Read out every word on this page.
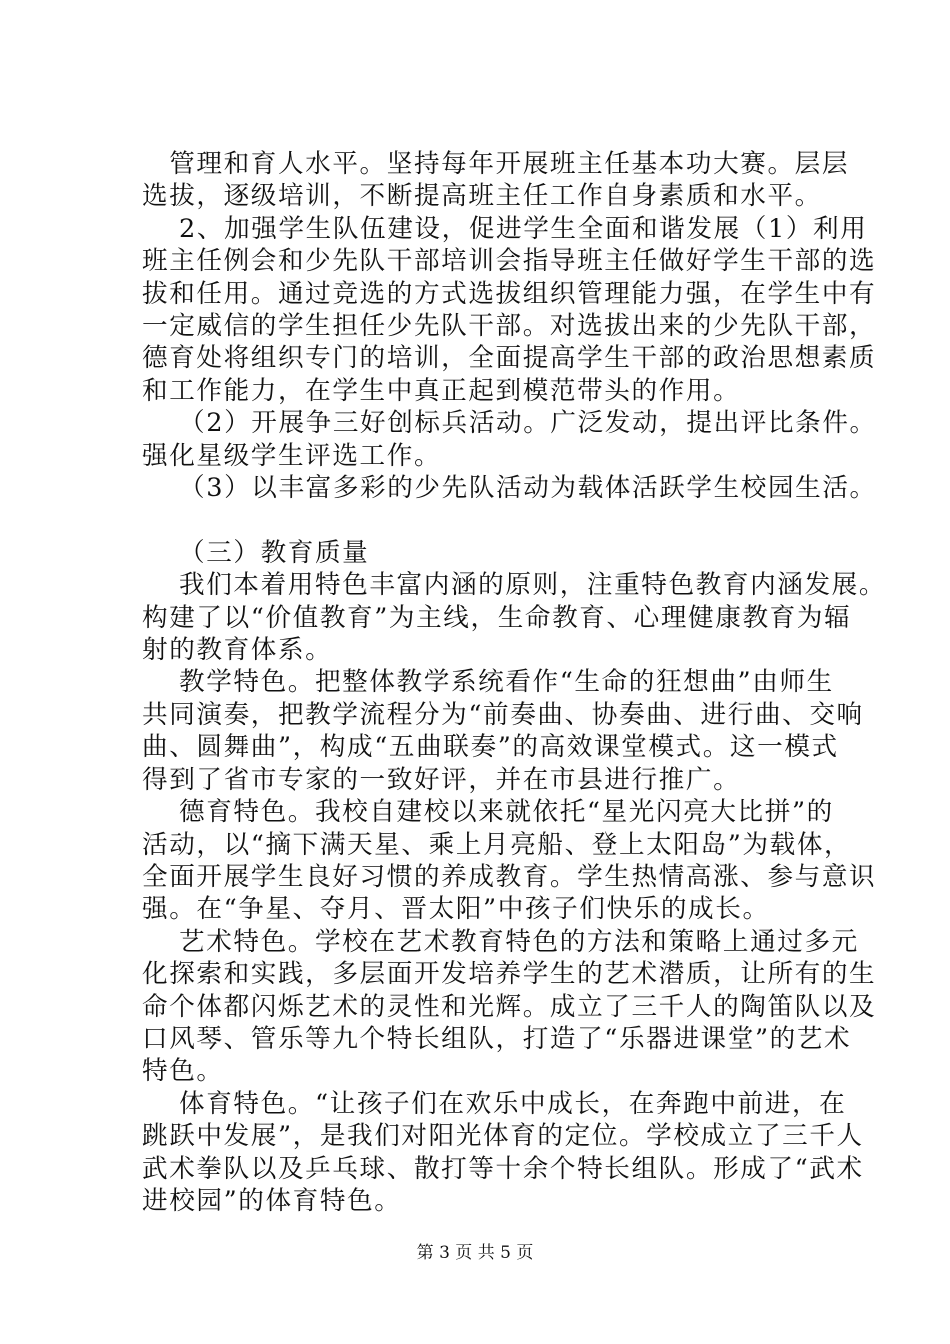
　管理和育人水平。坚持每年开展班主任基本功大赛。层层

选拔，逐级培训，不断提高班主任工作自身素质和水平。

2、加强学生队伍建设，促进学生全面和谐发展（1）利用

班主任例会和少先队干部培训会指导班主任做好学生干部的选

拔和任用。通过竞选的方式选拔组织管理能力强，在学生中有

一定威信的学生担任少先队干部。对选拔出来的少先队干部，

德育处将组织专门的培训，全面提高学生干部的政治思想素质

和工作能力，在学生中真正起到模范带头的作用。

（2）开展争三好创标兵活动。广泛发动，提出评比条件。

强化星级学生评选工作。

（3）以丰富多彩的少先队活动为载体活跃学生校园生活。

（三）教育质量

我们本着用特色丰富内涵的原则，注重特色教育内涵发展。

构建了以“价值教育”为主线，生命教育、心理健康教育为辐

射的教育体系。

教学特色。把整体教学系统看作“生命的狂想曲”由师生

共同演奏，把教学流程分为“前奏曲、协奏曲、进行曲、交响

曲、圆舞曲”，构成“五曲联奏”的高效课堂模式。这一模式

得到了省市专家的一致好评，并在市县进行推广。

德育特色。我校自建校以来就依托“星光闪亮大比拼”的

活动，以“摘下满天星、乘上月亮船、登上太阳岛”为载体，

全面开展学生良好习惯的养成教育。学生热情高涨、参与意识

强。在“争星、夺月、晋太阳”中孩子们快乐的成长。

艺术特色。学校在艺术教育特色的方法和策略上通过多元

化探索和实践，多层面开发培养学生的艺术潜质，让所有的生

命个体都闪烁艺术的灵性和光辉。成立了三千人的陶笛队以及

口风琴、管乐等九个特长组队，打造了“乐器进课堂”的艺术

特色。

体育特色。“让孩子们在欢乐中成长，在奔跑中前进，在

跳跃中发展”，是我们对阳光体育的定位。学校成立了三千人

武术拳队以及乒乓球、散打等十余个特长组队。形成了“武术

进校园”的体育特色。

第 3 页 共 5 页
